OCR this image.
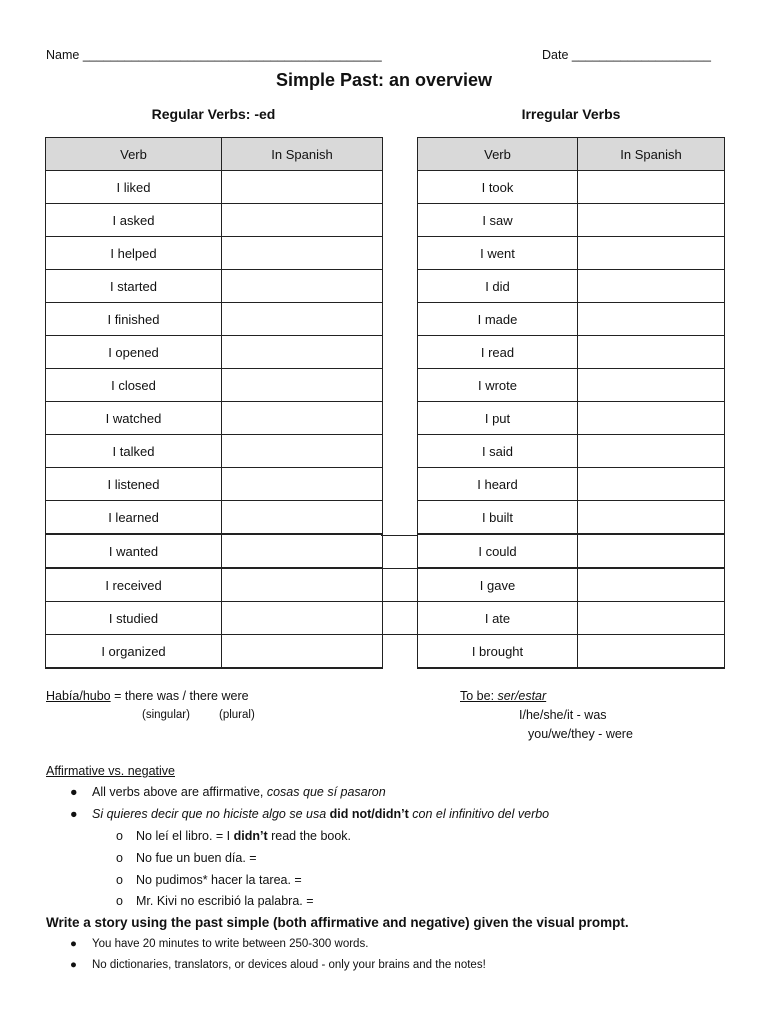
Name ___________________________________________	Date ____________________
Simple Past: an overview
Regular Verbs: -ed	Irregular Verbs
Verb	In Spanish
I liked	
I asked	
I helped	
I started	
I finished	
I opened	
I closed	
I watched	
I talked	
I listened	
I learned	
I wanted	
I received	
I studied	
I organized	
Verb	In Spanish
I took	
I saw	
I went	
I did	
I made	
I read	
I wrote	
I put	
I said	
I heard	
I built	
I could	
I gave	
I ate	
I brought	
Había/hubo = there was / there were
(singular)	(plural)
To be: ser/estar
I/he/she/it - was
you/we/they - were
Affirmative vs. negative
● All verbs above are affirmative, cosas que sí pasaron
● Si quieres decir que no hiciste algo se usa did not/didn’t con el infinitivo del verbo
o No leí el libro. = I didn’t read the book.
o No fue un buen día. =
o No pudimos* hacer la tarea. =
o Mr. Kivi no escribió la palabra. =
Write a story using the past simple (both affirmative and negative) given the visual prompt.
● You have 20 minutes to write between 250-300 words.
● No dictionaries, translators, or devices aloud - only your brains and the notes!
